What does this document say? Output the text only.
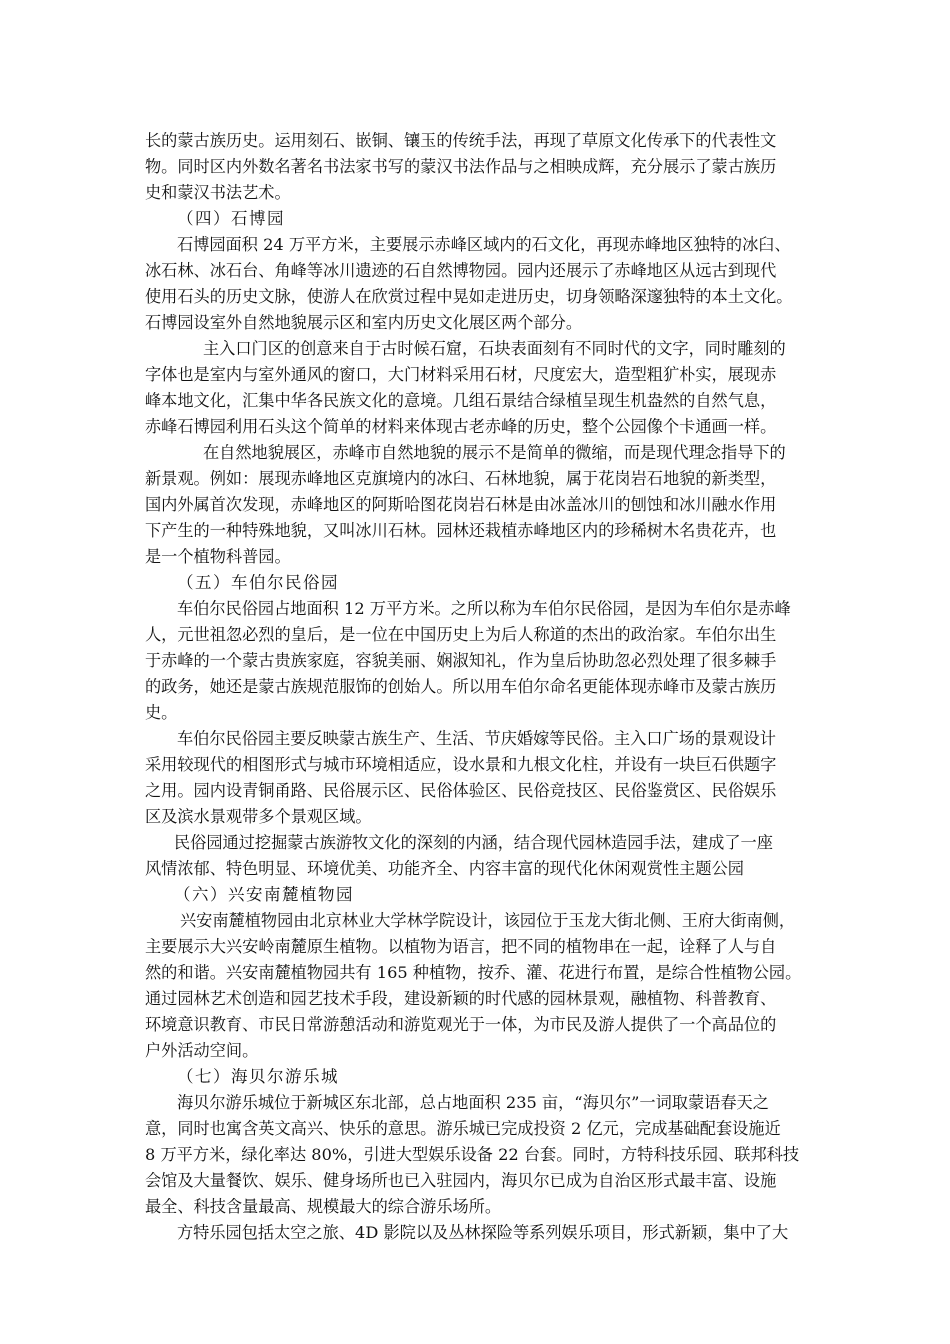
长的蒙古族历史。运用刻石、嵌铜、镶玉的传统手法，再现了草原文化传承下的代表性文
物。同时区内外数名著名书法家书写的蒙汉书法作品与之相映成辉，充分展示了蒙古族历
史和蒙汉书法艺术。
（四）石博园
石博园面积 24 万平方米，主要展示赤峰区域内的石文化，再现赤峰地区独特的冰臼、
冰石林、冰石台、角峰等冰川遗迹的石自然博物园。园内还展示了赤峰地区从远古到现代
使用石头的历史文脉，使游人在欣赏过程中晃如走进历史，切身领略深邃独特的本土文化。
石博园设室外自然地貌展示区和室内历史文化展区两个部分。
主入口门区的创意来自于古时候石窟，石块表面刻有不同时代的文字，同时雕刻的
字体也是室内与室外通风的窗口，大门材料采用石材，尺度宏大，造型粗犷朴实，展现赤
峰本地文化，汇集中华各民族文化的意境。几组石景结合绿植呈现生机盎然的自然气息，
赤峰石博园利用石头这个简单的材料来体现古老赤峰的历史，整个公园像个卡通画一样。
在自然地貌展区，赤峰市自然地貌的展示不是简单的微缩，而是现代理念指导下的
新景观。例如：展现赤峰地区克旗境内的冰臼、石林地貌，属于花岗岩石地貌的新类型，
国内外属首次发现，赤峰地区的阿斯哈图花岗岩石林是由冰盖冰川的刨蚀和冰川融水作用
下产生的一种特殊地貌，又叫冰川石林。园林还栽植赤峰地区内的珍稀树木名贵花卉，也
是一个植物科普园。
（五）车伯尔民俗园
车伯尔民俗园占地面积 12 万平方米。之所以称为车伯尔民俗园，是因为车伯尔是赤峰
人，元世祖忽必烈的皇后，是一位在中国历史上为后人称道的杰出的政治家。车伯尔出生
于赤峰的一个蒙古贵族家庭，容貌美丽、娴淑知礼，作为皇后协助忽必烈处理了很多棘手
的政务，她还是蒙古族规范服饰的创始人。所以用车伯尔命名更能体现赤峰市及蒙古族历
史。
车伯尔民俗园主要反映蒙古族生产、生活、节庆婚嫁等民俗。主入口广场的景观设计
采用较现代的相图形式与城市环境相适应，设水景和九根文化柱，并设有一块巨石供题字
之用。园内设青铜甬路、民俗展示区、民俗体验区、民俗竞技区、民俗鉴赏区、民俗娱乐
区及滨水景观带多个景观区域。
民俗园通过挖掘蒙古族游牧文化的深刻的内涵，结合现代园林造园手法，建成了一座
风情浓郁、特色明显、环境优美、功能齐全、内容丰富的现代化休闲观赏性主题公园
（六）兴安南麓植物园
兴安南麓植物园由北京林业大学林学院设计，该园位于玉龙大街北侧、王府大街南侧，
主要展示大兴安岭南麓原生植物。以植物为语言，把不同的植物串在一起，诠释了人与自
然的和谐。兴安南麓植物园共有 165 种植物，按乔、灌、花进行布置，是综合性植物公园。
通过园林艺术创造和园艺技术手段，建设新颖的时代感的园林景观，融植物、科普教育、
环境意识教育、市民日常游憩活动和游览观光于一体，为市民及游人提供了一个高品位的
户外活动空间。
（七）海贝尔游乐城
海贝尔游乐城位于新城区东北部，总占地面积 235 亩，“海贝尔”一词取蒙语春天之
意，同时也寓含英文高兴、快乐的意思。游乐城已完成投资 2 亿元，完成基础配套设施近
8 万平方米，绿化率达 80%，引进大型娱乐设备 22 台套。同时，方特科技乐园、联邦科技
会馆及大量餐饮、娱乐、健身场所也已入驻园内，海贝尔已成为自治区形式最丰富、设施
最全、科技含量最高、规模最大的综合游乐场所。
方特乐园包括太空之旅、4D 影院以及丛林探险等系列娱乐项目，形式新颖，集中了大
